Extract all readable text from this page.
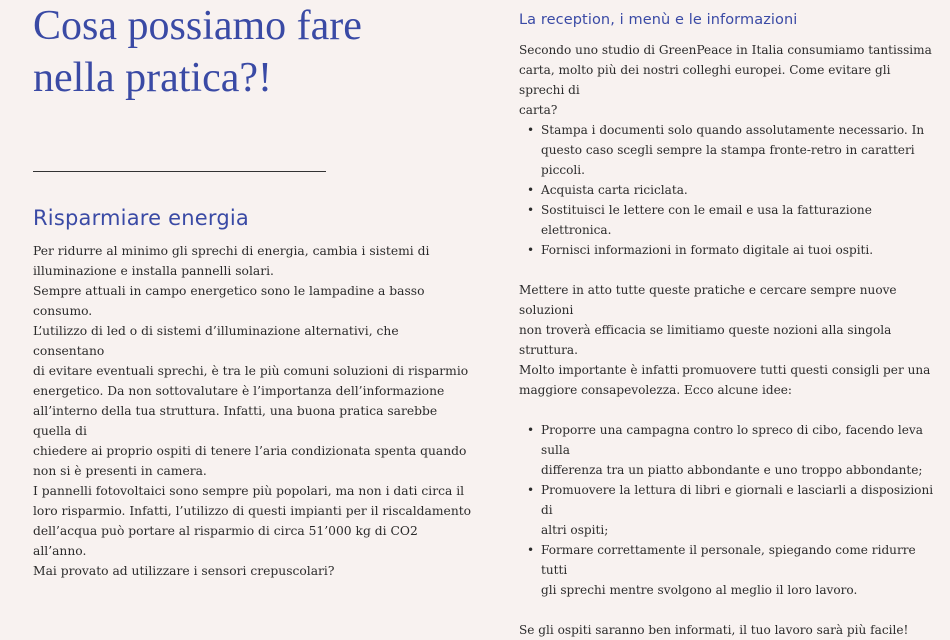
Cosa possiamo fare nella pratica?!
Risparmiare energia
Per ridurre al minimo gli sprechi di energia, cambia i sistemi di
illuminazione e installa pannelli solari.
Sempre attuali in campo energetico sono le lampadine a basso consumo.
L’utilizzo di led o di sistemi d’illuminazione alternativi, che consentano
di evitare eventuali sprechi, è tra le più comuni soluzioni di risparmio
energetico. Da non sottovalutare è l’importanza dell’informazione
all’interno della tua struttura. Infatti, una buona pratica sarebbe quella di
chiedere ai proprio ospiti di tenere l’aria condizionata spenta quando
non si è presenti in camera.
I pannelli fotovoltaici sono sempre più popolari, ma non i dati circa il
loro risparmio. Infatti, l’utilizzo di questi impianti per il riscaldamento
dell’acqua può portare al risparmio di circa 51’000 kg di CO2 all’anno.
Mai provato ad utilizzare i sensori crepuscolari?
La reception, i menù e le informazioni
Secondo uno studio di GreenPeace in Italia consumiamo tantissima
carta, molto più dei nostri colleghi europei. Come evitare gli sprechi di
carta?
• Stampa i documenti solo quando assolutamente necessario. In
questo caso scegli sempre la stampa fronte-retro in caratteri
piccoli.
• Acquista carta riciclata.
• Sostituisci le lettere con le email e usa la fatturazione elettronica.
• Fornisci informazioni in formato digitale ai tuoi ospiti.
Mettere in atto tutte queste pratiche e cercare sempre nuove soluzioni
non troverà efficacia se limitiamo queste nozioni alla singola struttura.
Molto importante è infatti promuovere tutti questi consigli per una
maggiore consapevolezza. Ecco alcune idee:
• Proporre una campagna contro lo spreco di cibo, facendo leva sulla
differenza tra un piatto abbondante e uno troppo abbondante;
• Promuovere la lettura di libri e giornali e lasciarli a disposizioni di
altri ospiti;
• Formare correttamente il personale, spiegando come ridurre tutti
gli sprechi mentre svolgono al meglio il loro lavoro.
Se gli ospiti saranno ben informati, il tuo lavoro sarà più facile!
